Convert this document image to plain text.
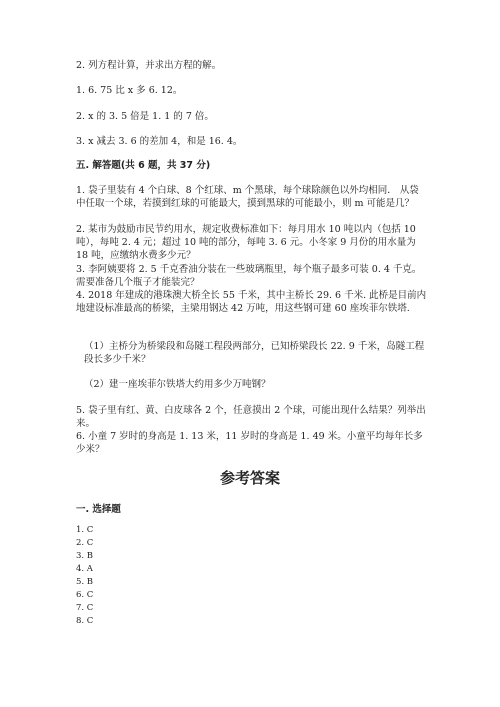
2. 列方程计算，并求出方程的解。

1. 6. 75 比 x 多 6. 12。

2. x 的 3. 5 倍是 1. 1 的 7 倍。

3. x 减去 3. 6 的差加 4，和是 16. 4。

五. 解答题(共 6 题，共 37 分)

1. 袋子里装有 4 个白球、8 个红球、m 个黑球，每个球除颜色以外均相同． 从袋中任取一个球，若摸到红球的可能最大，摸到黑球的可能最小，则 m 可能是几？

2. 某市为鼓励市民节约用水，规定收费标准如下：每月用水 10 吨以内（包括 10吨），每吨 2. 4 元；超过 10 吨的部分，每吨 3. 6 元。小冬家 9 月份的用水量为 18 吨，应缴纳水费多少元？

3. 李阿姨要将 2. 5 千克香油分装在一些玻璃瓶里，每个瓶子最多可装 0. 4 千克。需要准备几个瓶子才能装完？

4. 2018 年建成的港珠澳大桥全长 55 千米，其中主桥长 29. 6 千米. 此桥是目前内地建设标准最高的桥梁，主梁用钢达 42 万吨，用这些钢可建 60 座埃菲尔铁塔.

（1）主桥分为桥梁段和岛隧工程段两部分，已知桥梁段长 22. 9 千米，岛隧工程段长多少千米？

（2）建一座埃菲尔铁塔大约用多少万吨钢？

5. 袋子里有红、黄、白皮球各 2 个，任意摸出 2 个球，可能出现什么结果？列举出来。

6. 小童 7 岁时的身高是 1. 13 米，11 岁时的身高是 1. 49 米。小童平均每年长多少米？

参考答案

一. 选择题

1. C

2. C

3. B

4. A

5. B

6. C

7. C

8. C
